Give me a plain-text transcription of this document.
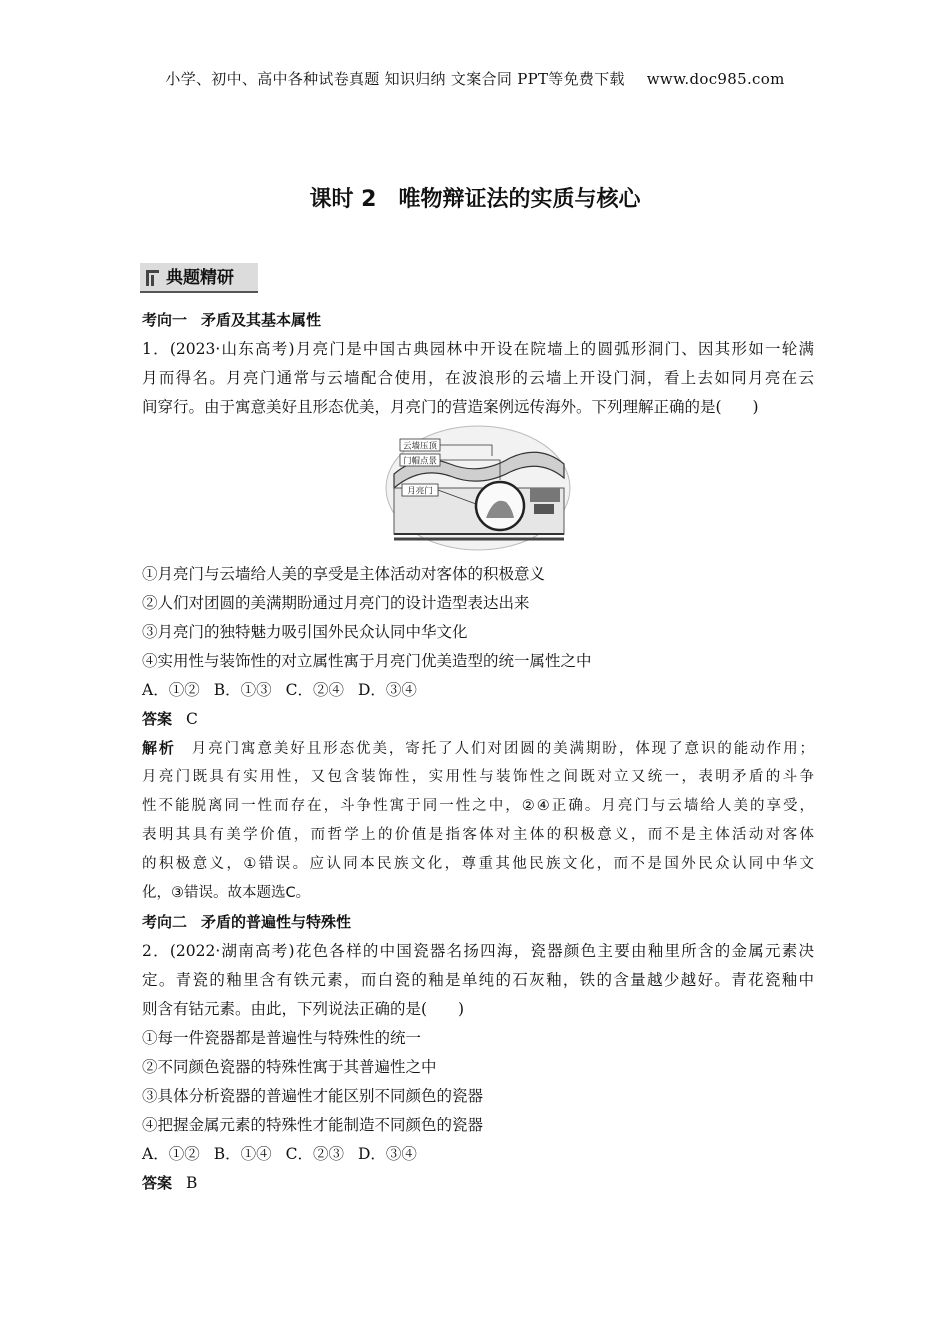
小学、初中、高中各种试卷真题 知识归纳 文案合同 PPT等免费下载 www.doc985.com
课时 2 唯物辩证法的实质与核心
典题精研
考向一 矛盾及其基本属性
1．(2023·山东高考)月亮门是中国古典园林中开设在院墙上的圆弧形洞门、因其形如一轮满
月而得名。月亮门通常与云墙配合使用，在波浪形的云墙上开设门洞，看上去如同月亮在云
间穿行。由于寓意美好且形态优美，月亮门的营造案例远传海外。下列理解正确的是(　　)
云墙压顶
门帽点景
月亮门
①月亮门与云墙给人美的享受是主体活动对客体的积极意义
②人们对团圆的美满期盼通过月亮门的设计造型表达出来
③月亮门的独特魅力吸引国外民众认同中华文化
④实用性与装饰性的对立属性寓于月亮门优美造型的统一属性之中
A．①② B．①③ C．②④ D．③④
答案 C
解析 月亮门寓意美好且形态优美，寄托了人们对团圆的美满期盼，体现了意识的能动作用；
月亮门既具有实用性，又包含装饰性，实用性与装饰性之间既对立又统一，表明矛盾的斗争
性不能脱离同一性而存在，斗争性寓于同一性之中，②④正确。月亮门与云墙给人美的享受，
表明其具有美学价值，而哲学上的价值是指客体对主体的积极意义，而不是主体活动对客体
的积极意义，①错误。应认同本民族文化，尊重其他民族文化，而不是国外民众认同中华文
化，③错误。故本题选C。
考向二 矛盾的普遍性与特殊性
2．(2022·湖南高考)花色各样的中国瓷器名扬四海，瓷器颜色主要由釉里所含的金属元素决
定。青瓷的釉里含有铁元素，而白瓷的釉是单纯的石灰釉，铁的含量越少越好。青花瓷釉中
则含有钴元素。由此，下列说法正确的是(　　)
①每一件瓷器都是普遍性与特殊性的统一
②不同颜色瓷器的特殊性寓于其普遍性之中
③具体分析瓷器的普遍性才能区别不同颜色的瓷器
④把握金属元素的特殊性才能制造不同颜色的瓷器
A．①② B．①④ C．②③ D．③④
答案 B
